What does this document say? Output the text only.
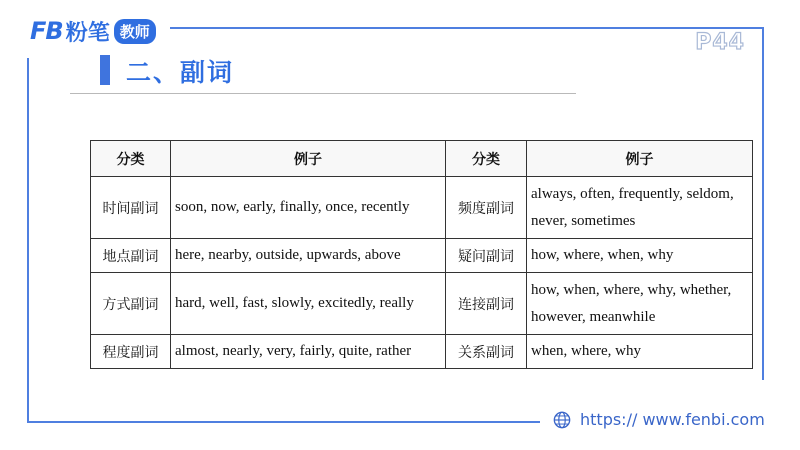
FB 粉笔 教师	P44
二、副词
分类	例子	分类	例子
时间副词	soon, now, early, finally, once, recently	频度副词	always, often, frequently, seldom, never, sometimes
地点副词	here, nearby, outside, upwards, above	疑问副词	how, where, when, why
方式副词	hard, well, fast, slowly, excitedly, really	连接副词	how, when, where, why, whether, however, meanwhile
程度副词	almost, nearly, very, fairly, quite, rather	关系副词	when, where, why
https:// www.fenbi.com
